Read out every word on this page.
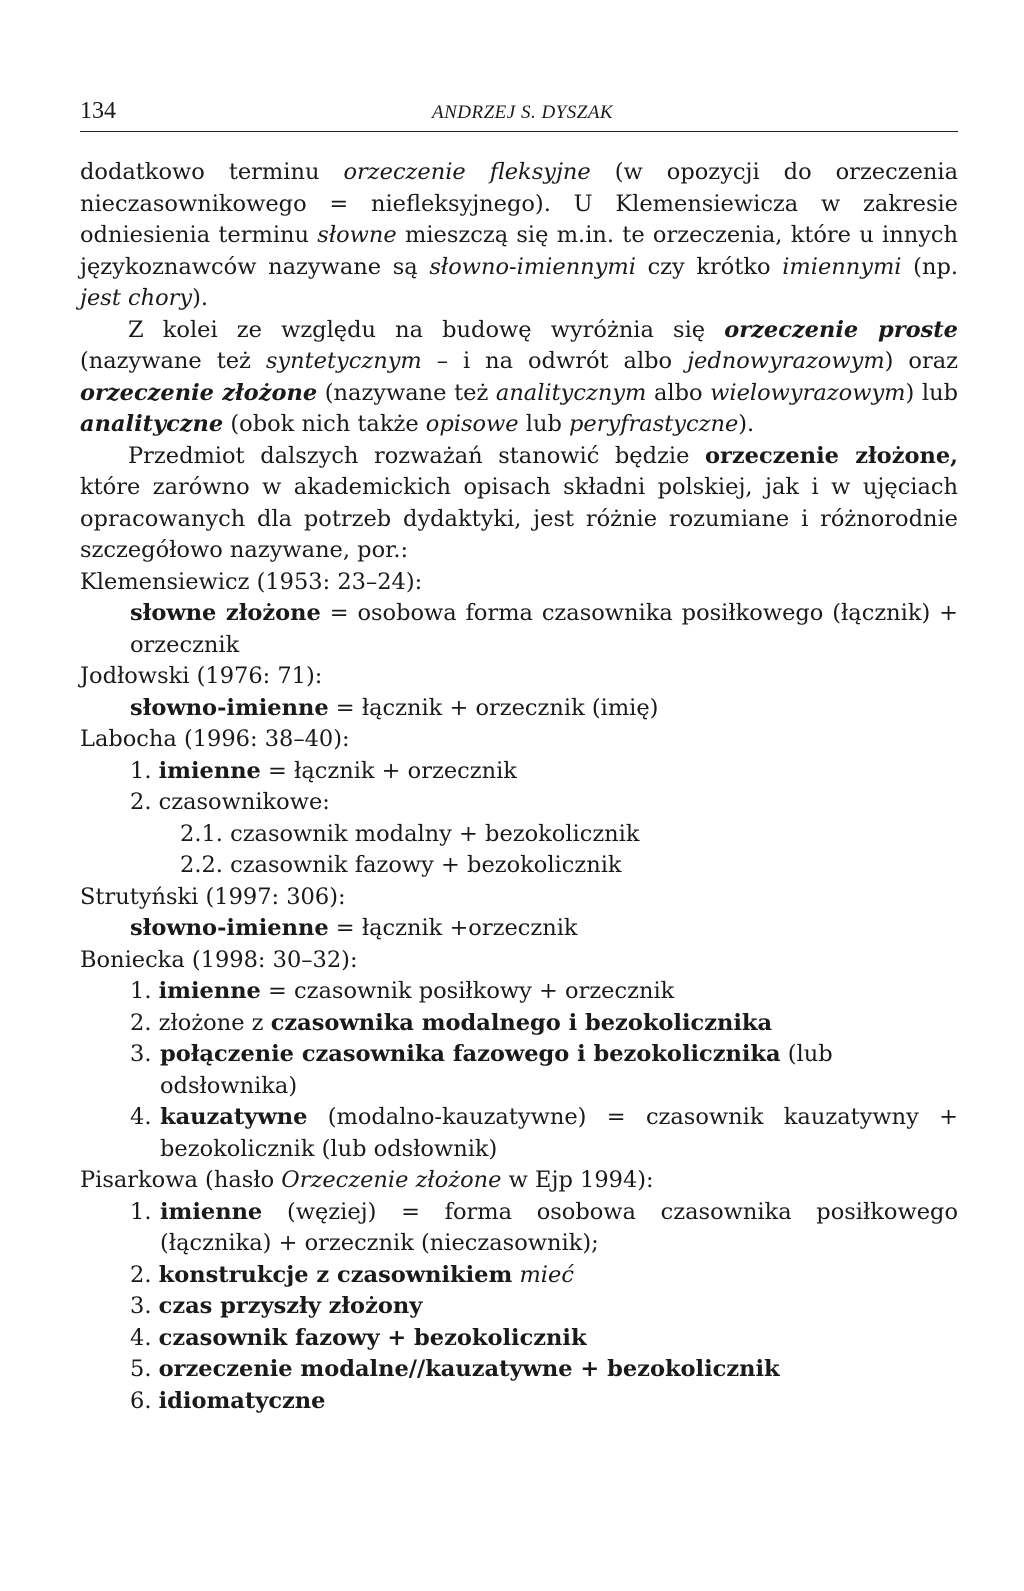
134	ANDRZEJ S. DYSZAK

dodatkowo terminu orzeczenie fleksyjne (w opozycji do orzeczenia nieczasownikowego = niefleksyjnego). U Klemensiewicza w zakresie odniesienia terminu słowne mieszczą się m.in. te orzeczenia, które u innych językoznawców nazywane są słowno-imiennymi czy krótko imiennymi (np. jest chory).

Z kolei ze względu na budowę wyróżnia się orzeczenie proste (nazywane też syntetycznym – i na odwrót albo jednowyrazowym) oraz orzeczenie złożone (nazywane też analitycznym albo wielowyrazowym) lub analityczne (obok nich także opisowe lub peryfrastyczne).

Przedmiot dalszych rozważań stanowić będzie orzeczenie złożone, które zarówno w akademickich opisach składni polskiej, jak i w ujęciach opracowanych dla potrzeb dydaktyki, jest różnie rozumiane i różnorodnie szczegółowo nazywane, por.:

Klemensiewicz (1953: 23–24):

słowne złożone = osobowa forma czasownika posiłkowego (łącznik) + orzecznik

Jodłowski (1976: 71):
słowno-imienne = łącznik + orzecznik (imię)
Labocha (1996: 38–40):
1. imienne = łącznik + orzecznik
2. czasownikowe:
2.1. czasownik modalny + bezokolicznik
2.2. czasownik fazowy + bezokolicznik
Strutyński (1997: 306):
słowno-imienne = łącznik +orzecznik
Boniecka (1998: 30–32):
1. imienne = czasownik posiłkowy + orzecznik
2. złożone z czasownika modalnego i bezokolicznika
3. połączenie czasownika fazowego i bezokolicznika (lub odsłownika)
4. kauzatywne (modalno-kauzatywne) = czasownik kauzatywny + bezokolicznik (lub odsłownik)
Pisarkowa (hasło Orzeczenie złożone w Ejp 1994):
1. imienne (węziej) = forma osobowa czasownika posiłkowego (łącznika) + orzecznik (nieczasownik);
2. konstrukcje z czasownikiem mieć
3. czas przyszły złożony
4. czasownik fazowy + bezokolicznik
5. orzeczenie modalne//kauzatywne + bezokolicznik
6. idiomatyczne
